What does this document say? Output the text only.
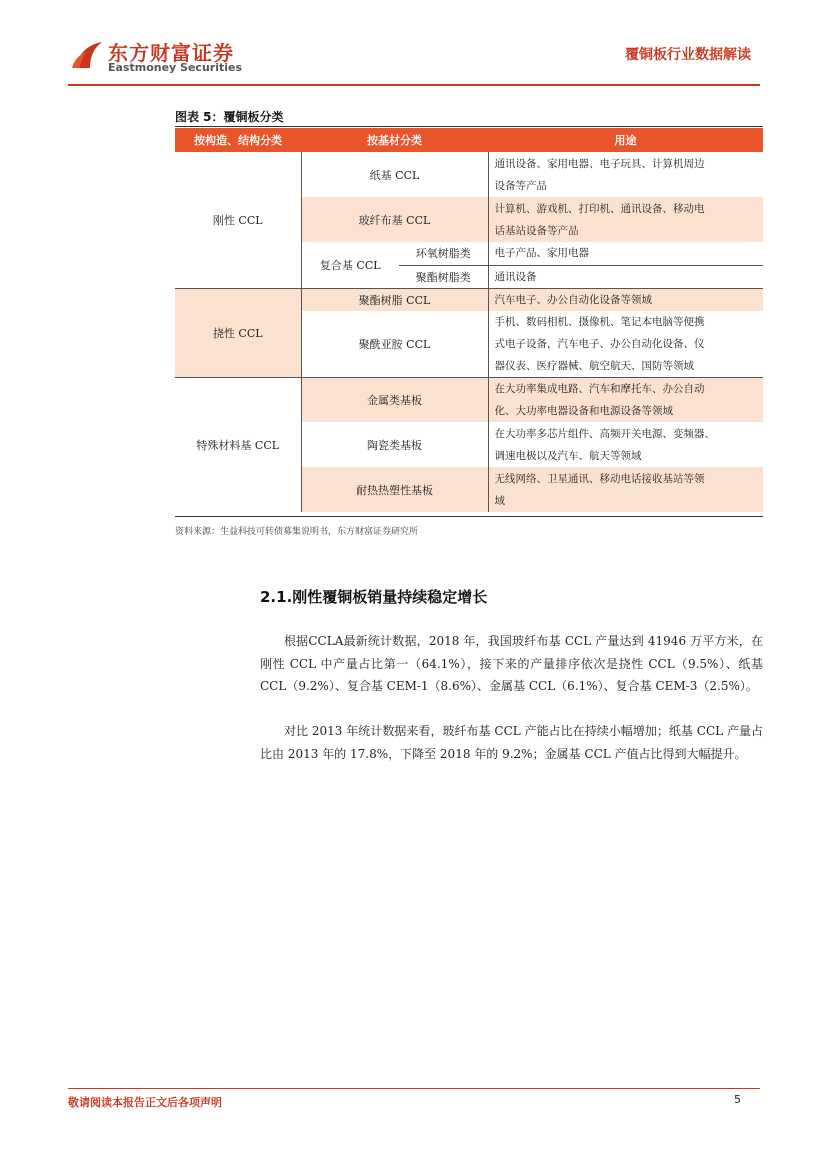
东方财富证券
Eastmoney Securities
覆铜板行业数据解读
图表 5：覆铜板分类
按构造、结构分类	按基材分类		用途
刚性 CCL	纸基 CCL		通讯设备、家用电器、电子玩具、计算机周边
设备等产品

	玻纤布基 CCL		计算机、游戏机、打印机、通讯设备、移动电
话基站设备等产品

	复合基 CCL	环氧树脂类	电子产品、家用电器
		聚酯树脂类	通讯设备
挠性 CCL	聚酯树脂 CCL		汽车电子、办公自动化设备等领域
	聚酰亚胺 CCL		手机、数码相机、摄像机、笔记本电脑等便携
式电子设备，汽车电子、办公自动化设备、仪
器仪表、医疗器械、航空航天、国防等领域

特殊材料基 CCL	金属类基板		在大功率集成电路、汽车和摩托车、办公自动
化、大功率电器设备和电源设备等领域

	陶瓷类基板		在大功率多芯片组件、高频开关电源、变频器、
调速电极以及汽车、航天等领域

	耐热热塑性基板		无线网络、卫星通讯、移动电话接收基站等领
域
资料来源：生益科技可转债募集说明书，东方财富证券研究所
2.1.刚性覆铜板销量持续稳定增长
根据CCLA最新统计数据，2018 年，我国玻纤布基 CCL 产量达到 41946 万平方米，在刚性 CCL 中产量占比第一（64.1%），接下来的产量排序依次是挠性 CCL（9.5%）、纸基 CCL（9.2%）、复合基 CEM-1（8.6%）、金属基 CCL（6.1%）、复合基 CEM-3（2.5%）。
对比 2013 年统计数据来看，玻纤布基 CCL 产能占比在持续小幅增加；纸基 CCL 产量占比由 2013 年的 17.8%，下降至 2018 年的 9.2%；金属基 CCL 产值占比得到大幅提升。
敬请阅读本报告正文后各项声明	5
